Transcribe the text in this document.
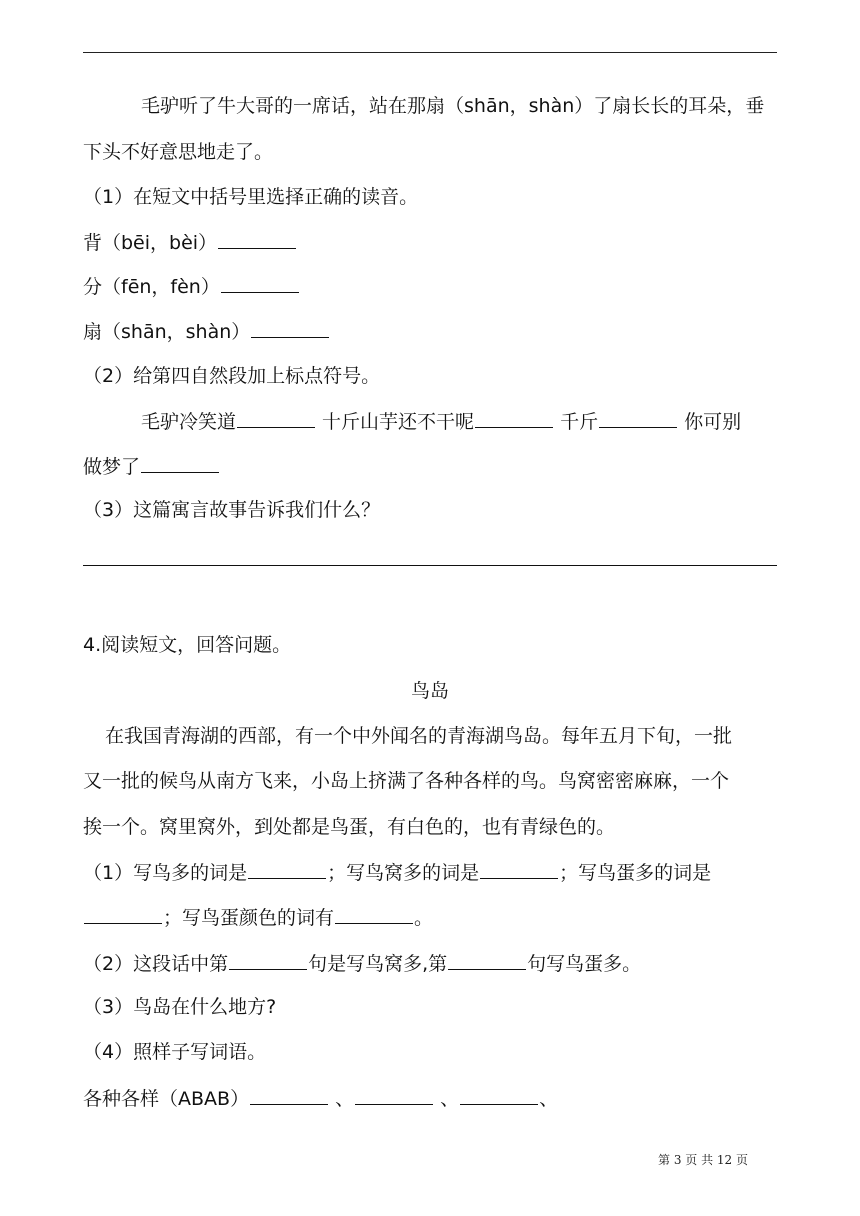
毛驴听了牛大哥的一席话，站在那扇（shān，shàn）了扇长长的耳朵，垂
下头不好意思地走了。
（1）在短文中括号里选择正确的读音。
背（bēi，bèi）
分（fēn，fèn）
扇（shān，shàn）
（2）给第四自然段加上标点符号。
毛驴冷笑道	十斤山芋还不干呢	千斤	你可别
做梦了
（3）这篇寓言故事告诉我们什么？
4.阅读短文，回答问题。
鸟岛
在我国青海湖的西部，有一个中外闻名的青海湖鸟岛。每年五月下旬，一批
又一批的候鸟从南方飞来，小岛上挤满了各种各样的鸟。鸟窝密密麻麻，一个
挨一个。窝里窝外，到处都是鸟蛋，有白色的，也有青绿色的。
（1）写鸟多的词是	；写鸟窝多的词是	；写鸟蛋多的词是
；写鸟蛋颜色的词有	。
（2）这段话中第	句是写鸟窝多,第	句写鸟蛋多。
（3）鸟岛在什么地方?
（4）照样子写词语。
各种各样（ABAB）	、	、	、
第 3 页 共 12 页
